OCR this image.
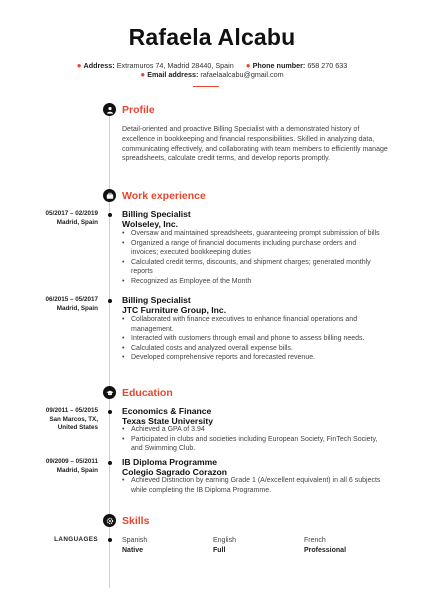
Rafaela Alcabu
● Address: Extramuros 74, Madrid 28440, Spain ● Phone number: 658 270 633
● Email address: rafaelaalcabu@gmail.com
Profile
Detail-oriented and proactive Billing Specialist with a demonstrated history of excellence in bookkeeping and financial responsibilities. Skilled in analyzing data, communicating effectively, and collaborating with team members to efficiently manage spreadsheets, calculate credit terms, and develop reports promptly.
Work experience
05/2017 – 02/2019
Madrid, Spain
Billing Specialist
Wolseley, Inc.
• Oversaw and maintained spreadsheets, guaranteeing prompt submission of bills
• Organized a range of financial documents including purchase orders and invoices; executed bookkeeping duties
• Calculated credit terms, discounts, and shipment charges; generated monthly reports
• Recognized as Employee of the Month
06/2015 – 05/2017
Madrid, Spain
Billing Specialist
JTC Furniture Group, Inc.
• Collaborated with finance executives to enhance financial operations and management.
• Interacted with customers through email and phone to assess billing needs.
• Calculated costs and analyzed overall expense bills.
• Developed comprehensive reports and forecasted revenue.
Education
09/2011 – 05/2015
San Marcos, TX,
United States
Economics & Finance
Texas State University
• Achieved a GPA of 3.94
• Participated in clubs and societies including European Society, FinTech Society, and Swimming Club.
09/2009 – 05/2011
Madrid, Spain
IB Diploma Programme
Colegio Sagrado Corazon
• Achieved Distinction by earning Grade 1 (A/excellent equivalent) in all 6 subjects while completing the IB Diploma Programme.
Skills
LANGUAGES	Spanish
Native
English
Full
French
Professional
